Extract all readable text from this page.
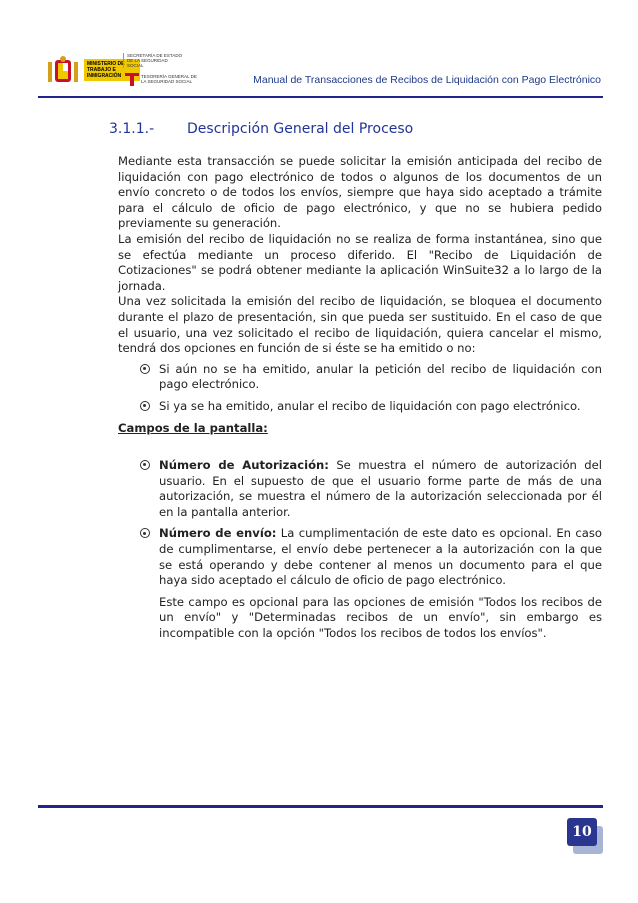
MINISTERIO DE TRABAJO E INMIGRACIÓN
SECRETARÍA DE ESTADO DE LA SEGURIDAD SOCIAL
TESORERÍA GENERAL DE LA SEGURIDAD SOCIAL	Manual de Transacciones de Recibos de Liquidación con Pago Electrónico
3.1.1.- Descripción General del Proceso

Mediante esta transacción se puede solicitar la emisión anticipada del recibo de liquidación con pago electrónico de todos o algunos de los documentos de un envío concreto o de todos los envíos, siempre que haya sido aceptado a trámite para el cálculo de oficio de pago electrónico, y que no se hubiera pedido previamente su generación.

La emisión del recibo de liquidación no se realiza de forma instantánea, sino que se efectúa mediante un proceso diferido. El "Recibo de Liquidación de Cotizaciones" se podrá obtener mediante la aplicación WinSuite32 a lo largo de la jornada.

Una vez solicitada la emisión del recibo de liquidación, se bloquea el documento durante el plazo de presentación, sin que pueda ser sustituido. En el caso de que el usuario, una vez solicitado el recibo de liquidación, quiera cancelar el mismo, tendrá dos opciones en función de si éste se ha emitido o no:

Si aún no se ha emitido, anular la petición del recibo de liquidación con pago electrónico.
Si ya se ha emitido, anular el recibo de liquidación con pago electrónico.

Campos de la pantalla:

Número de Autorización: Se muestra el número de autorización del usuario. En el supuesto de que el usuario forme parte de más de una autorización, se muestra el número de la autorización seleccionada por él en la pantalla anterior.
Número de envío: La cumplimentación de este dato es opcional. En caso de cumplimentarse, el envío debe pertenecer a la autorización con la que se está operando y debe contener al menos un documento para el que haya sido aceptado el cálculo de oficio de pago electrónico.

Este campo es opcional para las opciones de emisión "Todos los recibos de un envío" y "Determinadas recibos de un envío", sin embargo es incompatible con la opción "Todos los recibos de todos los envíos".

10
